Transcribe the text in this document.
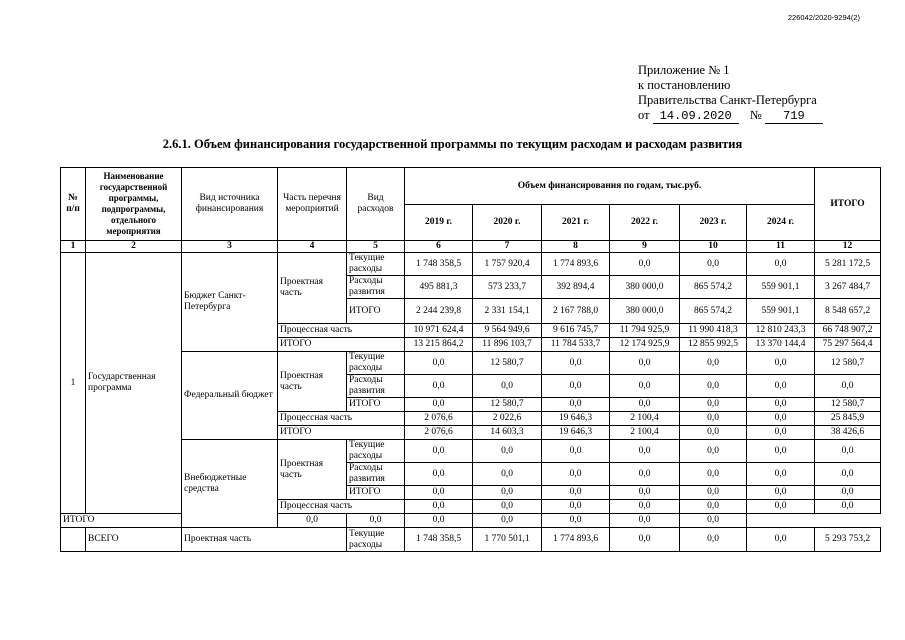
226042/2020-9294(2)
Приложение № 1
к постановлению
Правительства Санкт-Петербурга
от 14.09.2020 № 719
2.6.1. Объем финансирования государственной программы по текущим расходам и расходам развития
№ п/п	Наименование государственной программы, подпрограммы, отдельного мероприятия	Вид источника финансирования	Часть перечня мероприятий	Вид расходов	Объем финансирования по годам, тыс.руб.						ИТОГО
					2019 г.	2020 г.	2021 г.	2022 г.	2023 г.	2024 г.	
1	2	3	4	5	6	7	8	9	10	11	12
1	Государственная программа	Бюджет Санкт-Петербурга	Проектная часть	Текущие расходы	1 748 358,5	1 757 920,4	1 774 893,6	0,0	0,0	0,0	5 281 172,5
				Расходы развития	495 881,3	573 233,7	392 894,4	380 000,0	865 574,2	559 901,1	3 267 484,7
				ИТОГО	2 244 239,8	2 331 154,1	2 167 788,0	380 000,0	865 574,2	559 901,1	8 548 657,2
			Процессная часть		10 971 624,4	9 564 949,6	9 616 745,7	11 794 925,9	11 990 418,3	12 810 243,3	66 748 907,2
			ИТОГО		13 215 864,2	11 896 103,7	11 784 533,7	12 174 925,9	12 855 992,5	13 370 144,4	75 297 564,4
		Федеральный бюджет	Проектная часть	Текущие расходы	0,0	12 580,7	0,0	0,0	0,0	0,0	12 580,7
				Расходы развития	0,0	0,0	0,0	0,0	0,0	0,0	0,0
				ИТОГО	0,0	12 580,7	0,0	0,0	0,0	0,0	12 580,7
			Процессная часть		2 076,6	2 022,6	19 646,3	2 100,4	0,0	0,0	25 845,9
			ИТОГО		2 076,6	14 603,3	19 646,3	2 100,4	0,0	0,0	38 426,6
		Внебюджетные средства	Проектная часть	Текущие расходы	0,0	0,0	0,0	0,0	0,0	0,0	0,0
				Расходы развития	0,0	0,0	0,0	0,0	0,0	0,0	0,0
				ИТОГО	0,0	0,0	0,0	0,0	0,0	0,0	0,0
			Процессная часть		0,0	0,0	0,0	0,0	0,0	0,0	0,0
ИТОГО			0,0	0,0	0,0	0,0	0,0	0,0	0,0		
	ВСЕГО	Проектная часть		Текущие расходы	1 748 358,5	1 770 501,1	1 774 893,6	0,0	0,0	0,0	5 293 753,2
